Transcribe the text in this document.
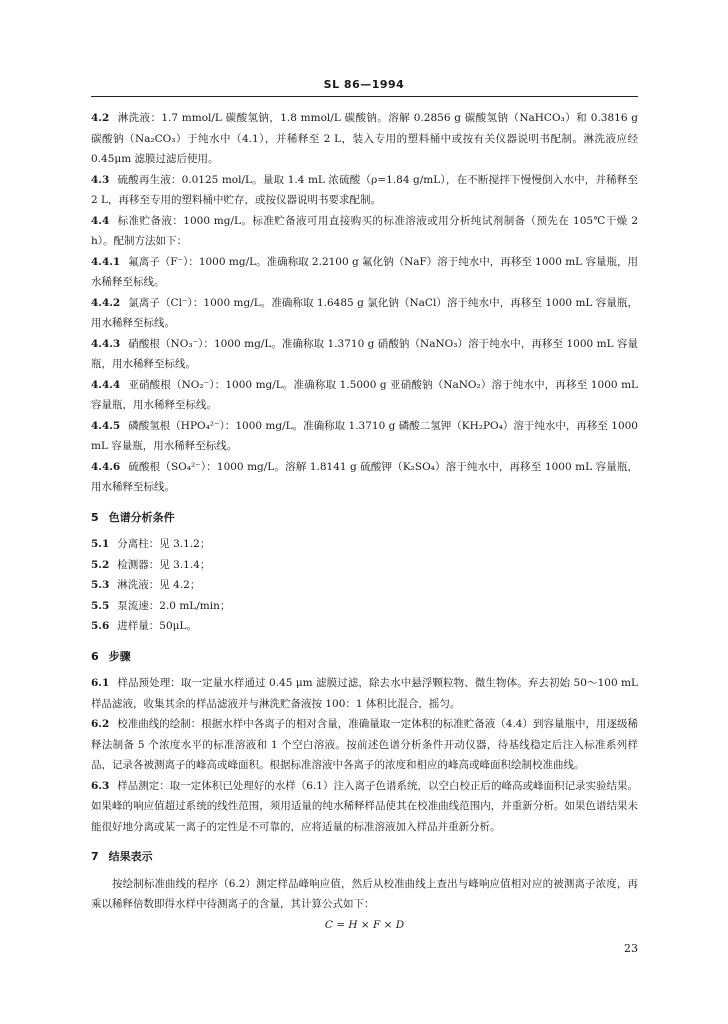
SL 86—1994

4.2 淋洗液：1.7 mmol/L 碳酸氢钠，1.8 mmol/L 碳酸钠。溶解 0.2856 g 碳酸氢钠（NaHCO₃）和 0.3816 g 碳酸钠（Na₂CO₃）于纯水中（4.1），并稀释至 2 L，装入专用的塑料桶中或按有关仪器说明书配制。淋洗液应经 0.45μm 滤膜过滤后使用。

4.3 硫酸再生液：0.0125 mol/L。量取 1.4 mL 浓硫酸（ρ=1.84 g/mL），在不断搅拌下慢慢倒入水中，并稀释至 2 L，再移至专用的塑料桶中贮存，或按仪器说明书要求配制。

4.4 标准贮备液：1000 mg/L。标准贮备液可用直接购买的标准溶液或用分析纯试剂制备（预先在 105℃干燥 2 h）。配制方法如下：

4.4.1 氟离子（F⁻）：1000 mg/L。准确称取 2.2100 g 氟化钠（NaF）溶于纯水中，再移至 1000 mL 容量瓶，用水稀释至标线。

4.4.2 氯离子（Cl⁻）：1000 mg/L。准确称取 1.6485 g 氯化钠（NaCl）溶于纯水中，再移至 1000 mL 容量瓶，用水稀释至标线。

4.4.3 硝酸根（NO₃⁻）：1000 mg/L。准确称取 1.3710 g 硝酸钠（NaNO₃）溶于纯水中，再移至 1000 mL 容量瓶，用水稀释至标线。

4.4.4 亚硝酸根（NO₂⁻）：1000 mg/L。准确称取 1.5000 g 亚硝酸钠（NaNO₂）溶于纯水中，再移至 1000 mL 容量瓶，用水稀释至标线。

4.4.5 磷酸氢根（HPO₄²⁻）：1000 mg/L。准确称取 1.3710 g 磷酸二氢钾（KH₂PO₄）溶于纯水中，再移至 1000 mL 容量瓶，用水稀释至标线。

4.4.6 硫酸根（SO₄²⁻）：1000 mg/L。溶解 1.8141 g 硫酸钾（K₂SO₄）溶于纯水中，再移至 1000 mL 容量瓶，用水稀释至标线。

5 色谱分析条件

5.1 分离柱：见 3.1.2；

5.2 检测器：见 3.1.4；

5.3 淋洗液：见 4.2；

5.5 泵流速：2.0 mL/min；

5.6 进样量：50μL。

6 步骤

6.1 样品预处理：取一定量水样通过 0.45 μm 滤膜过滤，除去水中悬浮颗粒物、微生物体。弃去初始 50～100 mL 样品滤液，收集其余的样品滤液并与淋洗贮备液按 100：1 体积比混合，摇匀。

6.2 校准曲线的绘制：根据水样中各离子的相对含量，准确量取一定体积的标准贮备液（4.4）到容量瓶中，用逐级稀释法制备 5 个浓度水平的标准溶液和 1 个空白溶液。按前述色谱分析条件开动仪器，待基线稳定后注入标准系列样品，记录各被测离子的峰高或峰面积。根据标准溶液中各离子的浓度和相应的峰高或峰面积绘制校准曲线。

6.3 样品测定：取一定体积已处理好的水样（6.1）注入离子色谱系统，以空白校正后的峰高或峰面积记录实验结果。如果峰的响应值超过系统的线性范围，须用适量的纯水稀释样品使其在校准曲线范围内，并重新分析。如果色谱结果未能很好地分离或某一离子的定性是不可靠的，应将适量的标准溶液加入样品并重新分析。

7 结果表示

按绘制标准曲线的程序（6.2）测定样品峰响应值，然后从校准曲线上查出与峰响应值相对应的被测离子浓度，再乘以稀释倍数即得水样中待测离子的含量，其计算公式如下：

C = H × F × D

23
